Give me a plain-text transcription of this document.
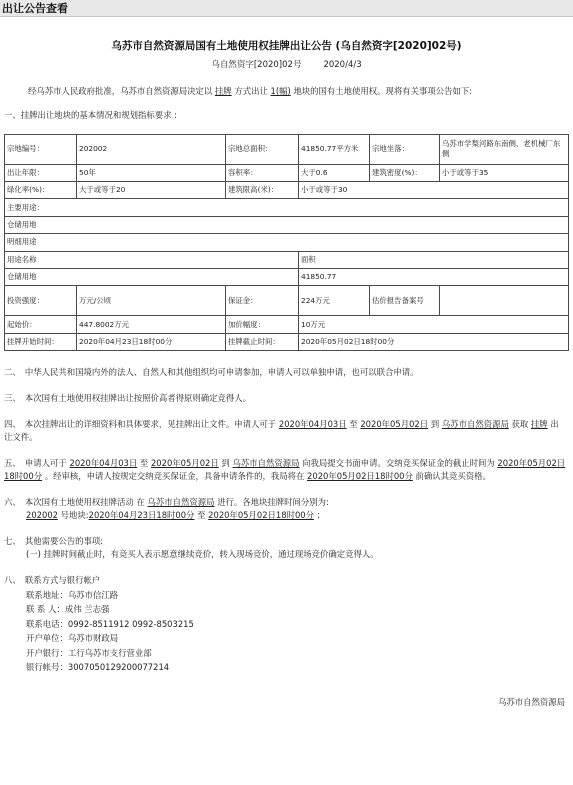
出让公告查看
乌苏市自然资源局国有土地使用权挂牌出让公告 (乌自然资字[2020]02号)
乌自然资字[2020]02号	2020/4/3
经乌苏市人民政府批准，乌苏市自然资源局决定以 挂牌 方式出让 1(幅) 地块的国有土地使用权。现将有关事项公告如下:
一、挂牌出让地块的基本情况和规划指标要求 :
宗地编号：	202002	宗地总面积：	41850.77平方米	宗地坐落：	乌苏市学梨河路东南侧、老机械厂东侧
出让年限：	50年	容积率：	大于0.6	建筑密度(%)：	小于或等于35
绿化率(%)：	大于或等于20	建筑限高(米)：	小于或等于30		
主要用途：					
仓储用地					
明细用途					
用途名称			面积		
仓储用地			41850.77		
投资强度：	万元/公顷	保证金：	224万元	估价报告备案号	
起始价：	447.8002万元	加价幅度：	10万元		
挂牌开始时间：	2020年04月23日18时00分	挂牌截止时间：	2020年05月02日18时00分		
二、　中华人民共和国境内外的法人、自然人和其他组织均可申请参加，申请人可以单独申请，也可以联合申请。
三、　本次国有土地使用权挂牌出让按照价高者得原则确定竞得人。
四、　本次挂牌出让的详细资料和具体要求，见挂牌出让文件。申请人可于 2020年04月03日 至 2020年05月02日 到 乌苏市自然资源局 获取 挂牌 出让文件。
五、　申请人可于 2020年04月03日 至 2020年05月02日 到 乌苏市自然资源局 向我局提交书面申请。交纳竞买保证金的截止时间为 2020年05月02日18时00分 。经审核，申请人按规定交纳竞买保证金，具备申请条件的，我局将在 2020年05月02日18时00分 前确认其竞买资格。
六、　本次国有土地使用权挂牌活动 在 乌苏市自然资源局 进行。各地块挂牌时间分别为:
202002 号地块:2020年04月23日18时00分 至 2020年05月02日18时00分 ；
七、　其他需要公告的事项:
(一) 挂牌时间截止时，有竞买人表示愿意继续竞价，转入现场竞价，通过现场竞价确定竞得人。
八、　联系方式与银行帐户
联系地址：乌苏市信江路
联 系 人：成伟 兰志强
联系电话：0992-8511912 0992-8503215
开户单位：乌苏市财政局
开户银行：工行乌苏市支行营业部
银行帐号：3007050129200077214
乌苏市自然资源局
